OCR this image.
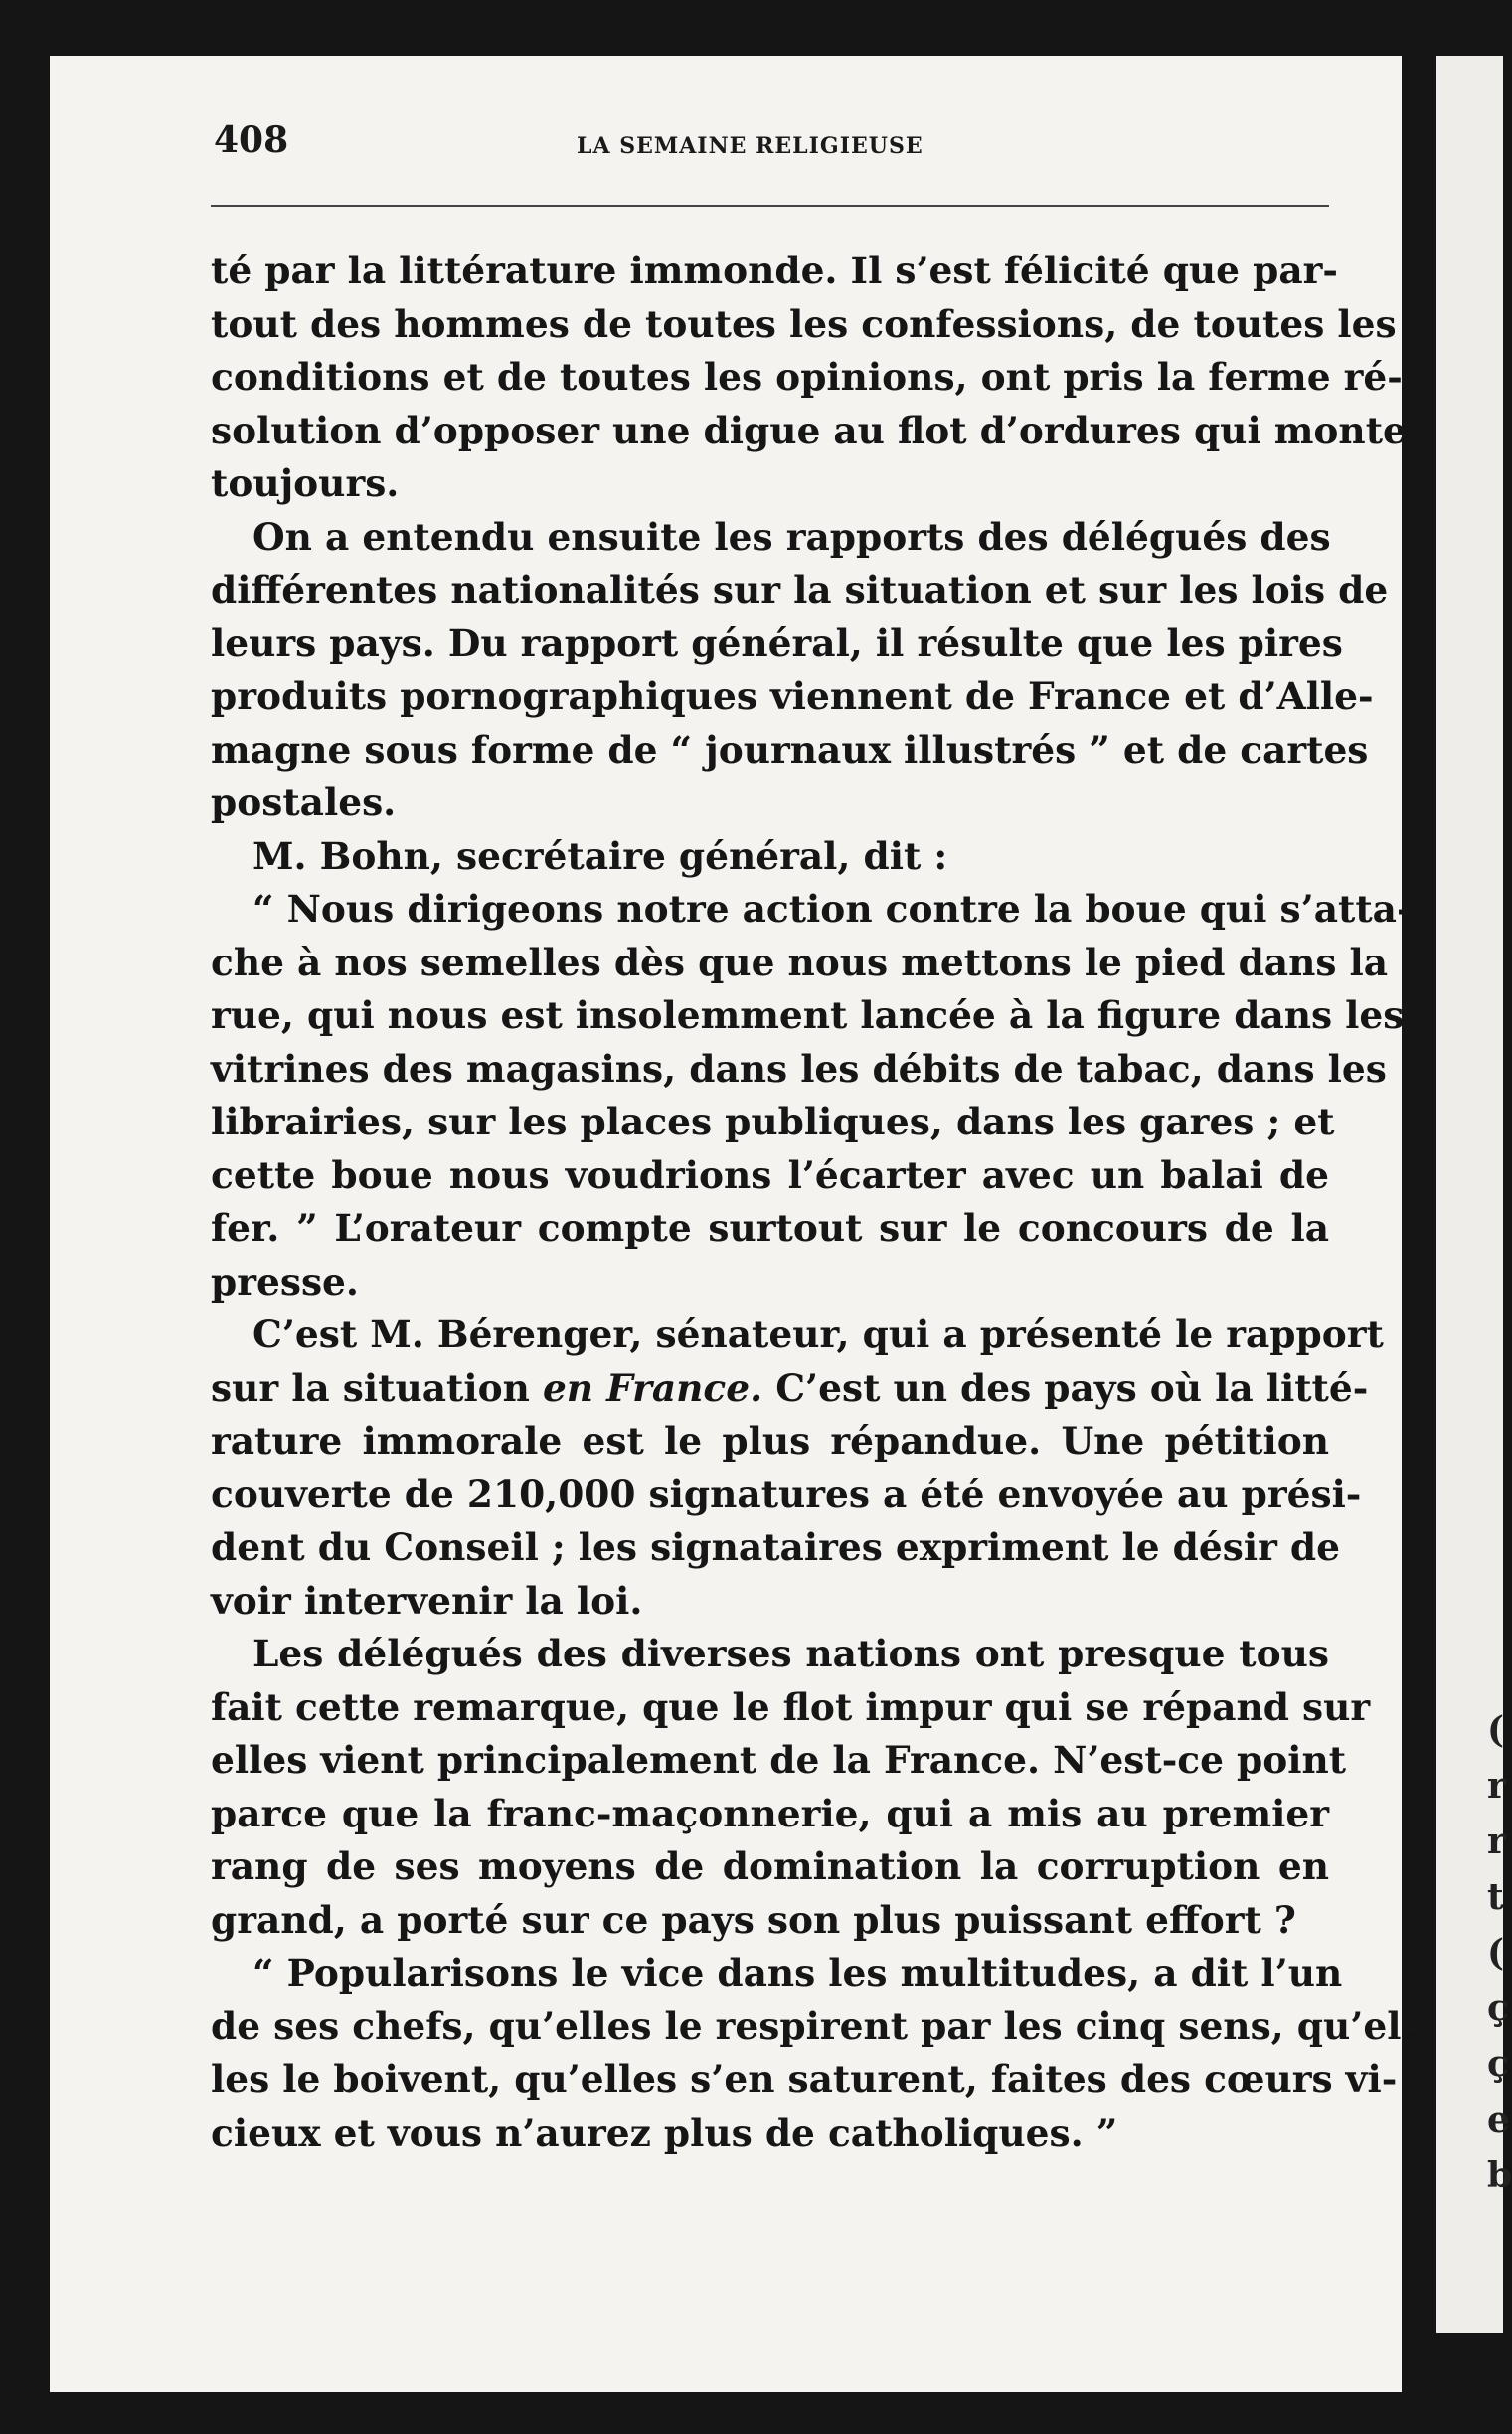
408	LA SEMAINE RELIGIEUSE
té par la littérature immonde. Il s’est félicité que par-
tout des hommes de toutes les confessions, de toutes les
conditions et de toutes les opinions, ont pris la ferme ré-
solution d’opposer une digue au flot d’ordures qui monte
toujours.
On a entendu ensuite les rapports des délégués des
différentes nationalités sur la situation et sur les lois de
leurs pays. Du rapport général, il résulte que les pires
produits pornographiques viennent de France et d’Alle-
magne sous forme de “ journaux illustrés ” et de cartes
postales.
M. Bohn, secrétaire général, dit :
“ Nous dirigeons notre action contre la boue qui s’atta-
che à nos semelles dès que nous mettons le pied dans la
rue, qui nous est insolemment lancée à la figure dans les
vitrines des magasins, dans les débits de tabac, dans les
librairies, sur les places publiques, dans les gares ; et
cette boue nous voudrions l’écarter avec un balai de
fer. ” L’orateur compte surtout sur le concours de la
presse.
C’est M. Bérenger, sénateur, qui a présenté le rapport
sur la situation en France. C’est un des pays où la litté-
rature immorale est le plus répandue. Une pétition
couverte de 210,000 signatures a été envoyée au prési-
dent du Conseil ; les signataires expriment le désir de
voir intervenir la loi.
Les délégués des diverses nations ont presque tous
fait cette remarque, que le flot impur qui se répand sur
elles vient principalement de la France. N’est-ce point
parce que la franc-maçonnerie, qui a mis au premier
rang de ses moyens de domination la corruption en
grand, a porté sur ce pays son plus puissant effort ?
“ Popularisons le vice dans les multitudes, a dit l’un
de ses chefs, qu’elles le respirent par les cinq sens, qu’el-
les le boivent, qu’elles s’en saturent, faites des cœurs vi-
cieux et vous n’aurez plus de catholiques. ”
(
r
r
t
(
ç
ç
e
b
